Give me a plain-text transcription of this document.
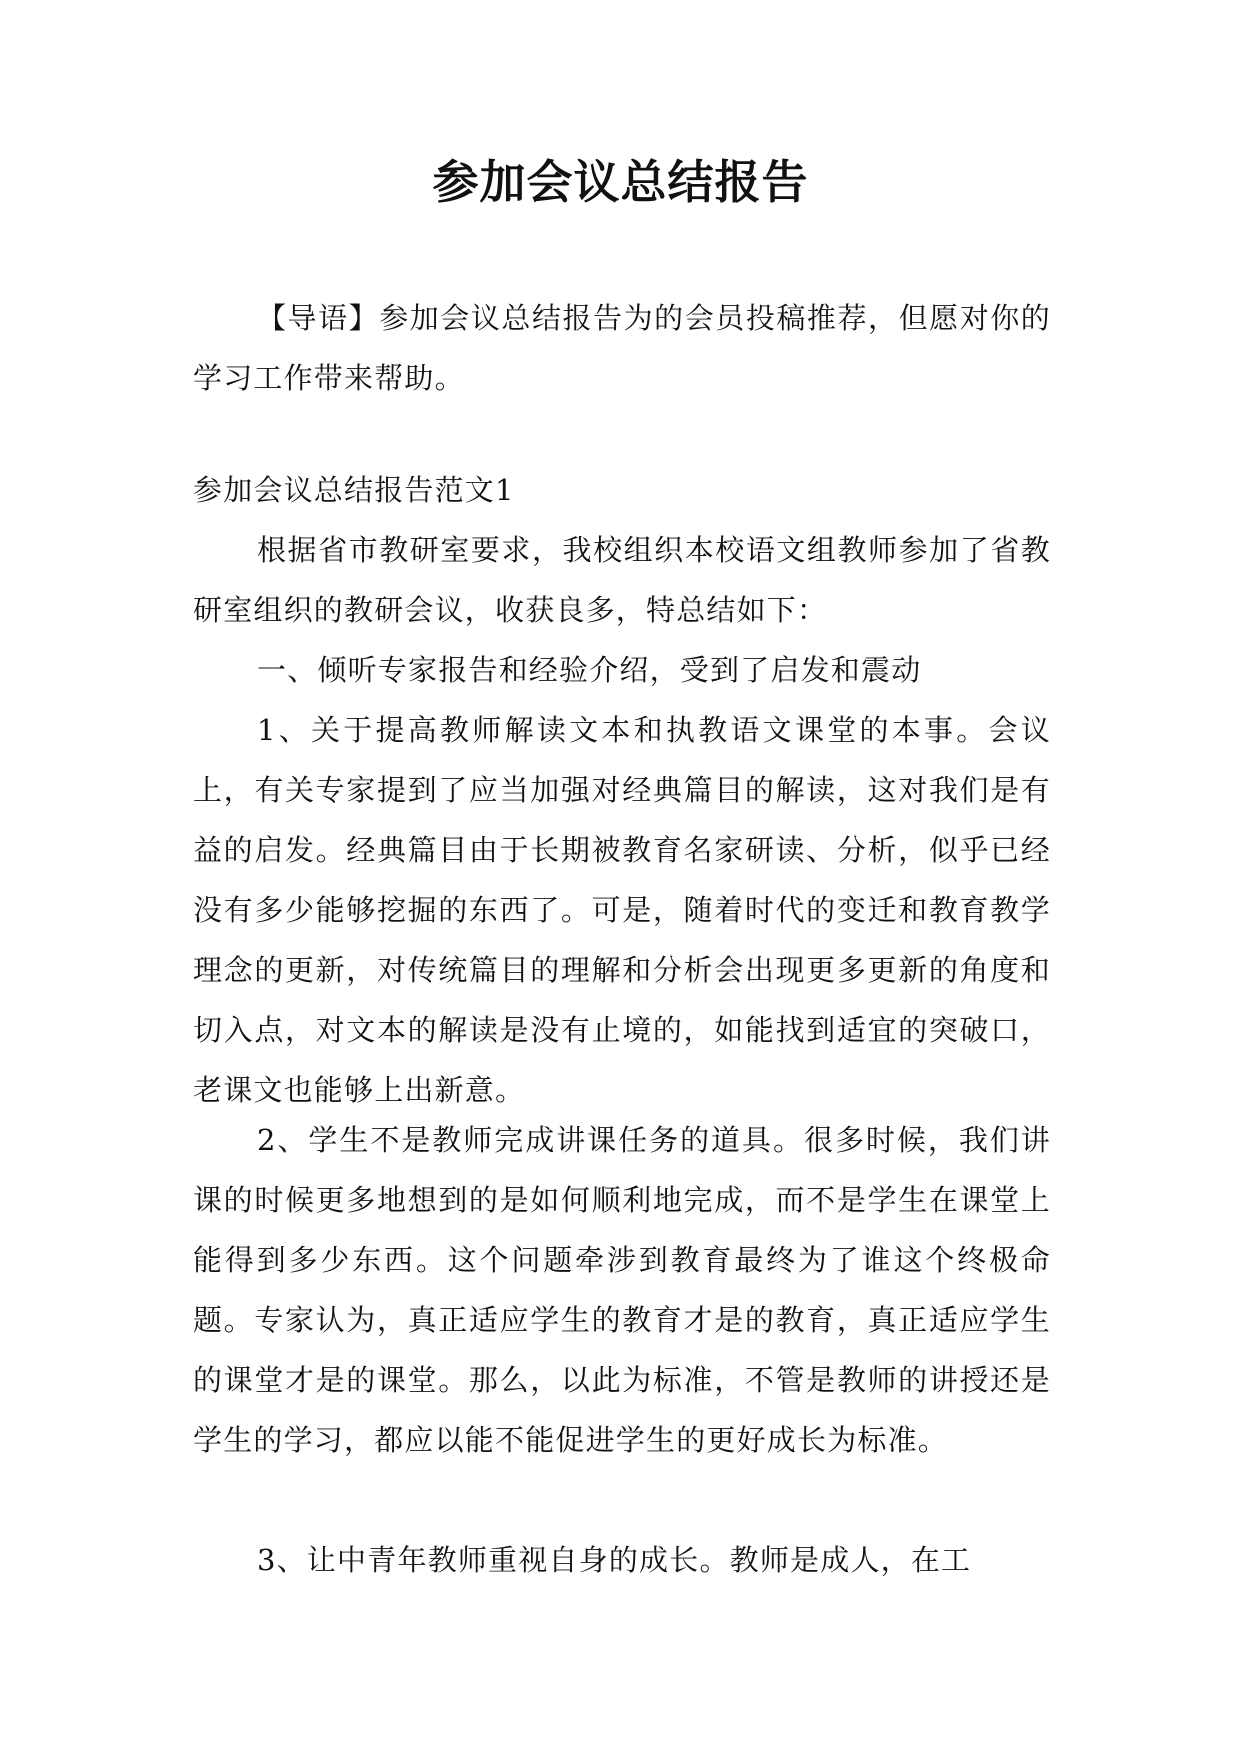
参加会议总结报告

【导语】参加会议总结报告为的会员投稿推荐，但愿对你的学习工作带来帮助。

参加会议总结报告范文1

根据省市教研室要求，我校组织本校语文组教师参加了省教研室组织的教研会议，收获良多，特总结如下：

一、倾听专家报告和经验介绍，受到了启发和震动

1、关于提高教师解读文本和执教语文课堂的本事。会议上，有关专家提到了应当加强对经典篇目的解读，这对我们是有益的启发。经典篇目由于长期被教育名家研读、分析，似乎已经没有多少能够挖掘的东西了。可是，随着时代的变迁和教育教学理念的更新，对传统篇目的理解和分析会出现更多更新的角度和切入点，对文本的解读是没有止境的，如能找到适宜的突破口，老课文也能够上出新意。

2、学生不是教师完成讲课任务的道具。很多时候，我们讲课的时候更多地想到的是如何顺利地完成，而不是学生在课堂上能得到多少东西。这个问题牵涉到教育最终为了谁这个终极命题。专家认为，真正适应学生的教育才是的教育，真正适应学生的课堂才是的课堂。那么，以此为标准，不管是教师的讲授还是学生的学习，都应以能不能促进学生的更好成长为标准。

3、让中青年教师重视自身的成长。教师是成人，在工
